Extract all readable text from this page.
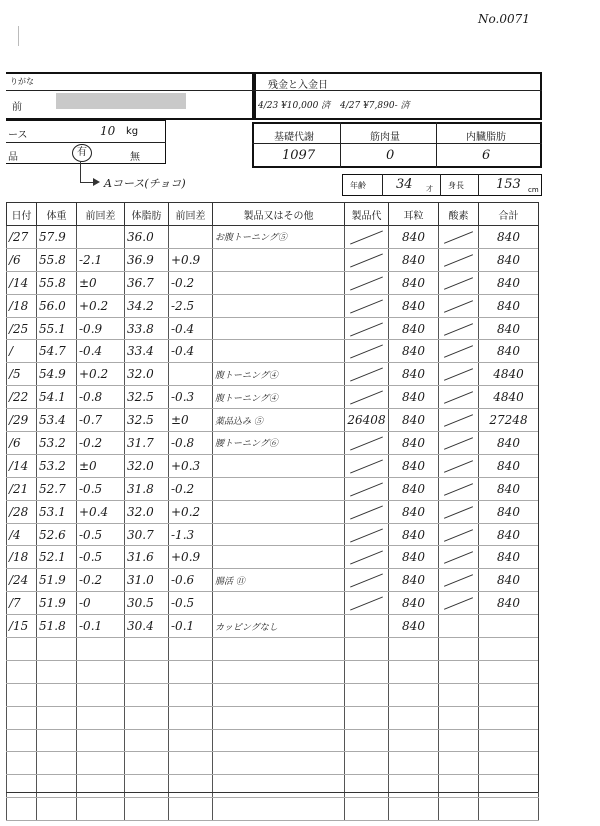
No.0071
りがな
前
残金と入金日
4/23 ¥10,000 済 4/27 ¥7,890- 済
ース	10 kg
品	有	無
Aコース(チョコ)
基礎代謝	筋肉量	内臓脂肪
1097	0	6
年齢 34 才 身長 153 cm
日付	体重	前回差	体脂肪	前回差	製品又はその他	製品代	耳粒	酸素	合計
/27	57.9		36.0		お腹トーニング⑤		840		840
/6	55.8	-2.1	36.9	+0.9			840		840
/14	55.8	±0	36.7	-0.2			840		840
/18	56.0	+0.2	34.2	-2.5			840		840
/25	55.1	-0.9	33.8	-0.4			840		840
/	54.7	-0.4	33.4	-0.4			840		840
/5	54.9	+0.2	32.0		腹トーニング④		840		4840
/22	54.1	-0.8	32.5	-0.3	腹トーニング④		840		4840
/29	53.4	-0.7	32.5	±0	薬品込み ⑤	26408	840		27248
/6	53.2	-0.2	31.7	-0.8	腰トーニング⑥		840		840
/14	53.2	±0	32.0	+0.3			840		840
/21	52.7	-0.5	31.8	-0.2			840		840
/28	53.1	+0.4	32.0	+0.2			840		840
/4	52.6	-0.5	30.7	-1.3			840		840
/18	52.1	-0.5	31.6	+0.9			840		840
/24	51.9	-0.2	31.0	-0.6	腸活 ⑪		840		840
/7	51.9	-0	30.5	-0.5			840		840
/15	51.8	-0.1	30.4	-0.1	カッピングなし		840		
